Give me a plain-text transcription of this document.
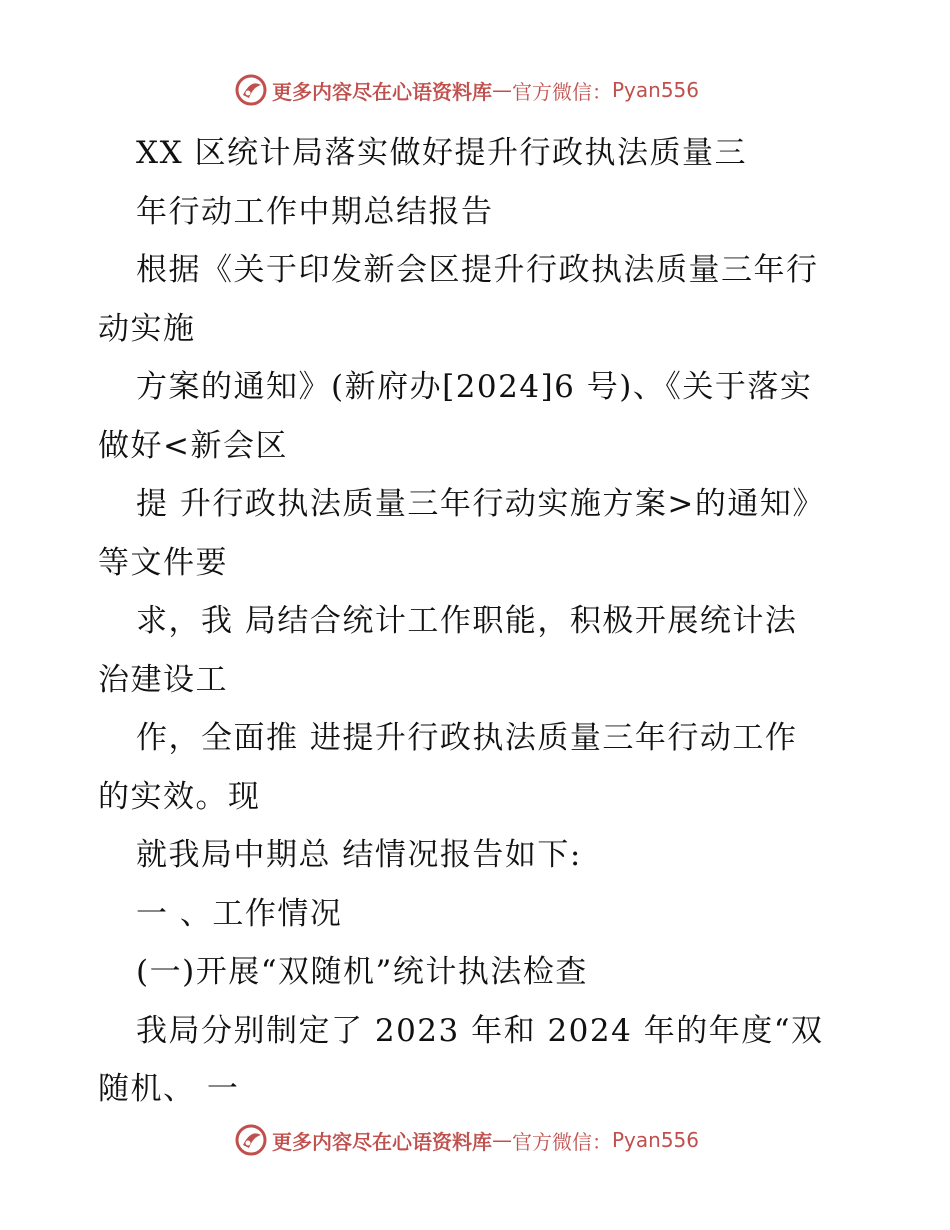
更多内容尽在心语资料库 — 官方微信： Pyan556
XX 区统计局落实做好提升行政执法质量三
年行动工作中期总结报告
根据《关于印发新会区提升行政执法质量三年行
动实施
方案的通知》(新府办[2024]6 号)、《关于落实
做好<新会区
提 升行政执法质量三年行动实施方案>的通知》
等文件要
求，我 局结合统计工作职能，积极开展统计法
治建设工
作，全面推 进提升行政执法质量三年行动工作
的实效。现
就我局中期总 结情况报告如下:
一 、工作情况
(一)开展“双随机”统计执法检查
我局分别制定了 2023 年和 2024 年的年度“双
随机、 一
更多内容尽在心语资料库 — 官方微信： Pyan556
